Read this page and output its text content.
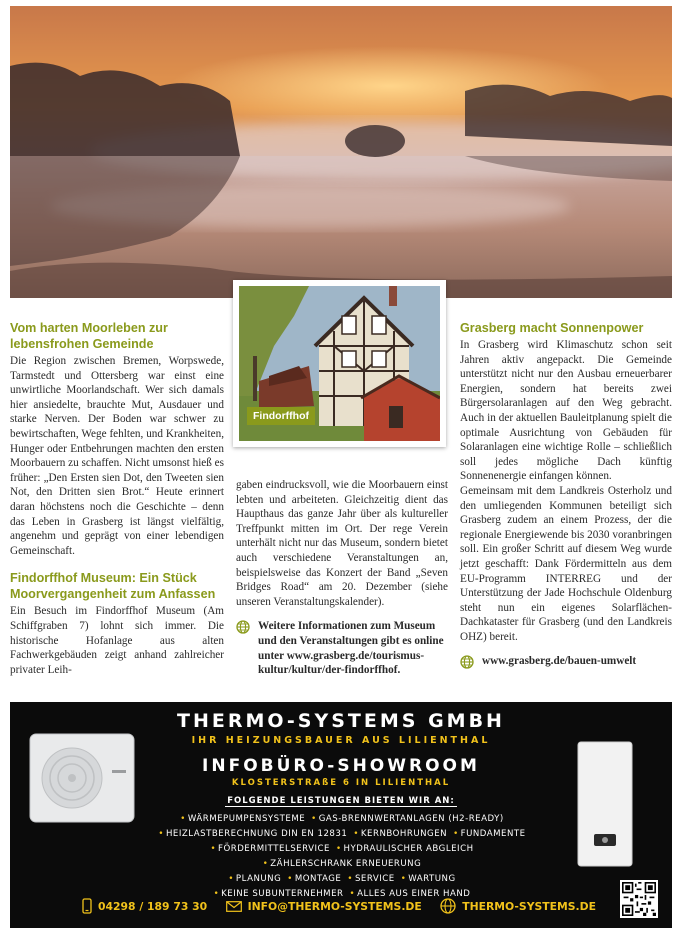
Vom harten Moorleben zur lebensfrohen Gemeinde

Die Region zwischen Bremen, Worpswede, Tarmstedt und Ottersberg war einst eine unwirtliche Moorlandschaft. Wer sich damals hier ansiedelte, brauchte Mut, Ausdauer und starke Nerven. Der Boden war schwer zu bewirtschaften, Wege fehlten, und Krankheiten, Hunger oder Entbehrungen machten den ersten Moorbauern zu schaffen. Nicht umsonst hieß es früher: „Den Ersten sien Dot, den Tweeten sien Not, den Dritten sien Brot.“ Heute erinnert daran höchstens noch die Geschichte – denn das Leben in Grasberg ist längst vielfältig, angenehm und geprägt von einer lebendigen Gemeinschaft.

Findorffhof Museum: Ein Stück Moorvergangenheit zum Anfassen

Ein Besuch im Findorffhof Museum (Am Schiffgraben 7) lohnt sich immer. Die historische Hofanlage aus alten Fachwerkgebäuden zeigt anhand zahlreicher privater Leih-

Findorffhof

gaben eindrucksvoll, wie die Moorbauern einst lebten und arbeiteten. Gleichzeitig dient das Haupthaus das ganze Jahr über als kultureller Treffpunkt mitten im Ort. Der rege Verein unterhält nicht nur das Museum, sondern bietet auch verschiedene Veranstaltungen an, beispielsweise das Konzert der Band „Seven Bridges Road“ am 20. Dezember (siehe unseren Veranstaltungskalender).

Weitere Informationen zum Museum und den Veranstaltungen gibt es online unter www.grasberg.de/tourismus-kultur/kultur/der-findorffhof.
Grasberg macht Sonnenpower

In Grasberg wird Klimaschutz schon seit Jahren aktiv angepackt. Die Gemeinde unterstützt nicht nur den Ausbau erneuerbarer Energien, sondern hat bereits zwei Bürgersolaranlagen auf den Weg gebracht. Auch in der aktuellen Bauleitplanung spielt die optimale Ausrichtung von Gebäuden für Solaranlagen eine wichtige Rolle – schließlich soll jedes mögliche Dach künftig Sonnenenergie einfangen können.

Gemeinsam mit dem Landkreis Osterholz und den umliegenden Kommunen beteiligt sich Grasberg zudem an einem Prozess, der die regionale Energiewende bis 2030 voranbringen soll. Ein großer Schritt auf diesem Weg wurde jetzt geschafft: Dank Fördermitteln aus dem EU-Programm INTERREG und der Unterstützung der Jade Hochschule Oldenburg steht nun ein eigenes Solarflächen-Dachkataster für Grasberg (und den Landkreis OHZ) bereit.

www.grasberg.de/bauen-umwelt
THERMO-SYSTEMS GMBH
IHR HEIZUNGSBAUER AUS LILIENTHAL
INFOBÜRO-SHOWROOM
KLOSTERSTRAßE 6 IN LILIENTHAL
FOLGENDE LEISTUNGEN BIETEN WIR AN:
• WÄRMEPUMPENSYSTEME • GAS-BRENNWERTANLAGEN (H2-READY)
• HEIZLASTBERECHNUNG DIN EN 12831 • KERNBOHRUNGEN • FUNDAMENTE
• FÖRDERMITTELSERVICE • HYDRAULISCHER ABGLEICH• ZÄHLERSCHRANK ERNEUERUNG
• PLANUNG • MONTAGE • SERVICE • WARTUNG
• KEINE SUBUNTERNEHMER • ALLES AUS EINER HAND
04298 / 189 73 30	INFO@THERMO-SYSTEMS.DE	THERMO-SYSTEMS.DE
